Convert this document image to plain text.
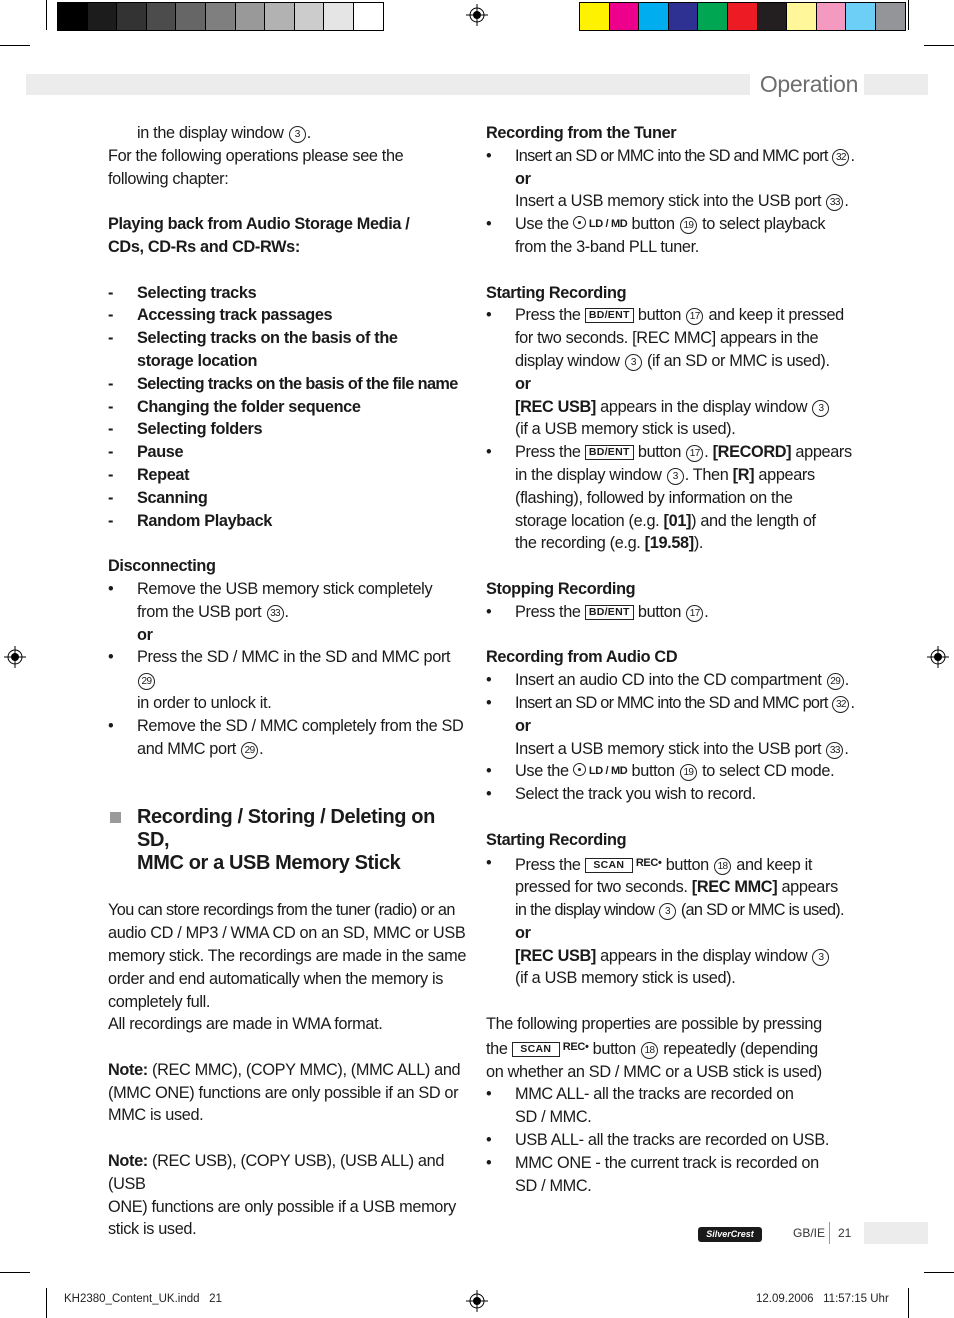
Operation

in the display window 3 .

For the following operations please see the

following chapter:

Playing back from Audio Storage Media /

CDs, CD-Rs and CD-RWs:

- Selecting tracks

- Accessing track passages

- Selecting tracks on the basis of the

storage location

- Selecting tracks on the basis of the file name

- Changing the folder sequence

- Selecting folders

- Pause

- Repeat

- Scanning

- Random Playback

Disconnecting

• Remove the USB memory stick completely

from the USB port 33 .

or

• Press the SD / MMC in the SD and MMC port 29

in order to unlock it.

• Remove the SD / MMC completely from the SD

and MMC port 29 .

Recording / Storing / Deleting on SD,
MMC or a USB Memory Stick

You can store recordings from the tuner (radio) or an

audio CD / MP3 / WMA CD on an SD, MMC or USB

memory stick. The recordings are made in the same

order and end automatically when the memory is

completely full.

All recordings are made in WMA format.

Note: (REC MMC), (COPY MMC), (MMC ALL) and

(MMC ONE) functions are only possible if an SD or

MMC is used.

Note: (REC USB), (COPY USB), (USB ALL) and (USB

ONE) functions are only possible if a USB memory

stick is used.

Recording from the Tuner

• Insert an SD or MMC into the SD and MMC port 32 .

or

Insert a USB memory stick into the USB port 33 .

• Use the LD / MD button 19 to select playback

from the 3-band PLL tuner.

Starting Recording

• Press the BD/ENT button 17 and keep it pressed

for two seconds. [REC MMC] appears in the

display window 3 (if an SD or MMC is used).

or

[REC USB] appears in the display window 3

(if a USB memory stick is used).

• Press the BD/ENT button 17 . [RECORD] appears

in the display window 3 . Then [R] appears

(flashing), followed by information on the

storage location (e.g. [01]) and the length of

the recording (e.g. [19.58]).

Stopping Recording

• Press the BD/ENT button 17 .

Recording from Audio CD

• Insert an audio CD into the CD compartment 29 .

• Insert an SD or MMC into the SD and MMC port 32 .

or

Insert a USB memory stick into the USB port 33 .

• Use the LD / MD button 19 to select CD mode.

• Select the track you wish to record.

Starting Recording

• Press the SCAN $^{REC•}$ button 18 and keep it

pressed for two seconds. [REC MMC] appears

in the display window 3 (an SD or MMC is used).

or

[REC USB] appears in the display window 3

(if a USB memory stick is used).

The following properties are possible by pressing

the SCAN $^{REC•}$ button 18 repeatedly (depending

on whether an SD / MMC or a USB stick is used)

• MMC ALL- all the tracks are recorded on

SD / MMC.

• USB ALL- all the tracks are recorded on USB.

• MMC ONE - the current track is recorded on

SD / MMC.

SilverCrest	GB/IE 21
KH2380_Content_UK.indd   21	12.09.2006   11:57:15 Uhr
